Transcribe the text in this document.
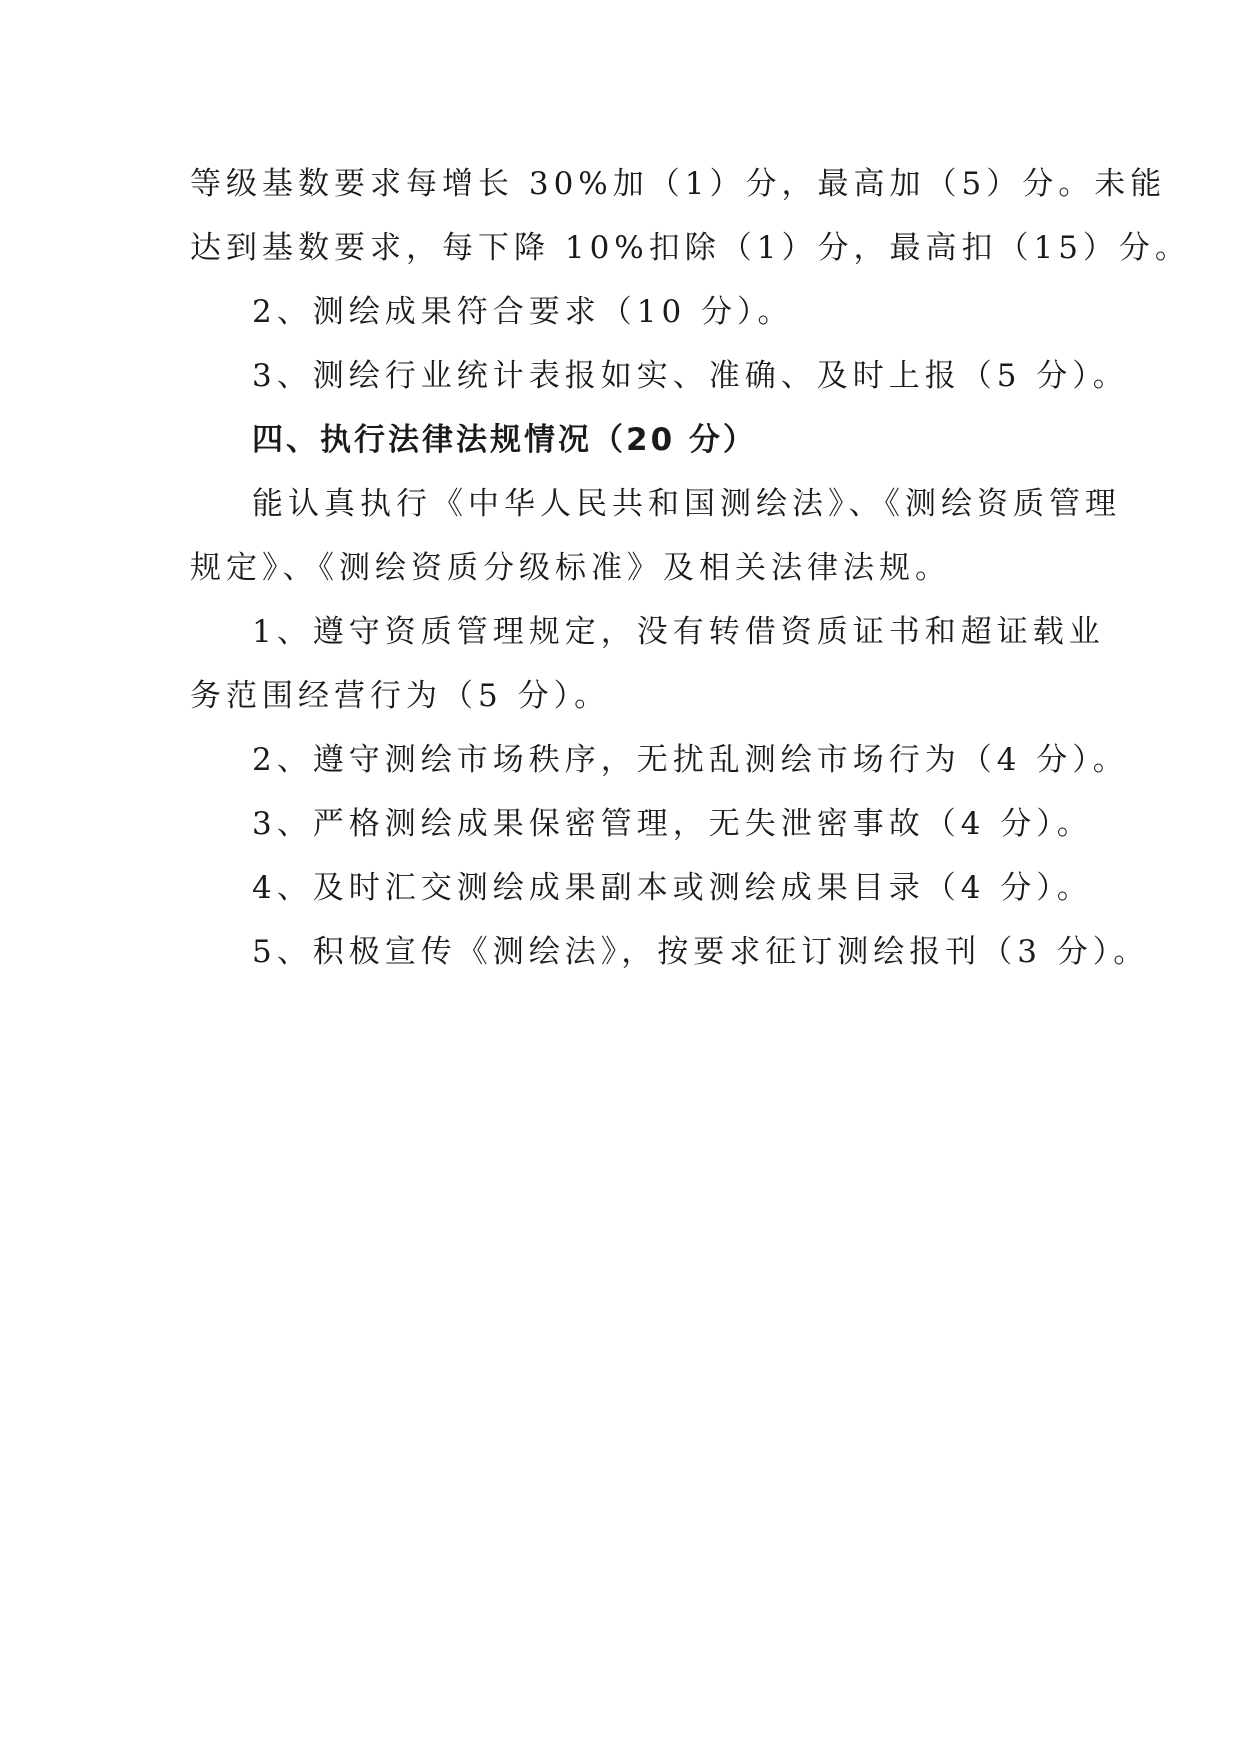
等级基数要求每增长 30%加（1）分，最高加（5）分。未能
达到基数要求，每下降 10%扣除（1）分，最高扣（15）分。
2、测绘成果符合要求（10 分）。
3、测绘行业统计表报如实、准确、及时上报（5 分）。
四、执行法律法规情况（20 分）
能认真执行《中华人民共和国测绘法》、《测绘资质管理
规定》、《测绘资质分级标准》及相关法律法规。
1、遵守资质管理规定，没有转借资质证书和超证载业
务范围经营行为（5 分）。
2、遵守测绘市场秩序，无扰乱测绘市场行为（4 分）。
3、严格测绘成果保密管理，无失泄密事故（4 分）。
4、及时汇交测绘成果副本或测绘成果目录（4 分）。
5、积极宣传《测绘法》，按要求征订测绘报刊（3 分）。
